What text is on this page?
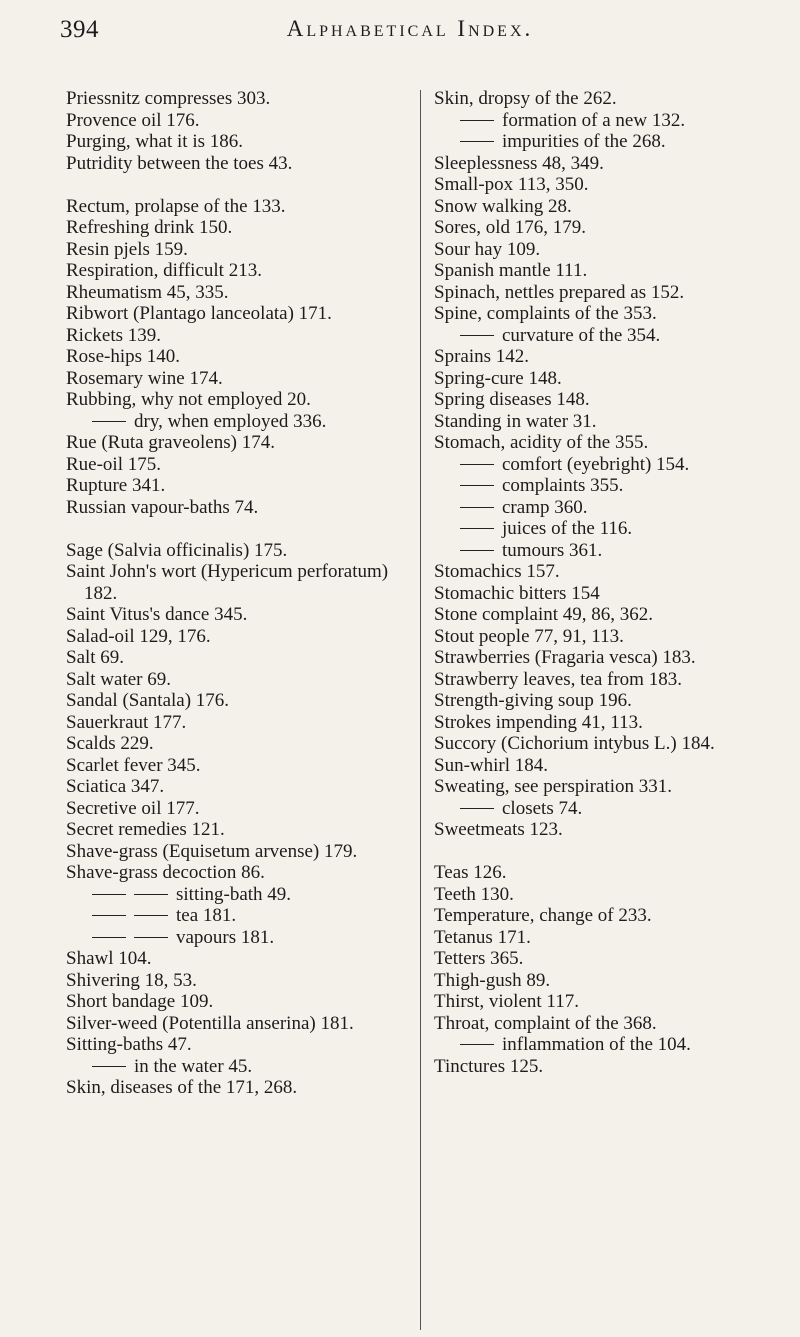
394	Alphabetical Index.
Priessnitz compresses 303.
Provence oil 176.
Purging, what it is 186.
Putridity between the toes 43.
Rectum, prolapse of the 133.
Refreshing drink 150.
Resin pjels 159.
Respiration, difficult 213.
Rheumatism 45, 335.
Ribwort (Plantago lanceolata) 171.
Rickets 139.
Rose-hips 140.
Rosemary wine 174.
Rubbing, why not employed 20.
dry, when employed 336.
Rue (Ruta graveolens) 174.
Rue-oil 175.
Rupture 341.
Russian vapour-baths 74.
Sage (Salvia officinalis) 175.
Saint John's wort (Hypericum perforatum) 182.
Saint Vitus's dance 345.
Salad-oil 129, 176.
Salt 69.
Salt water 69.
Sandal (Santala) 176.
Sauerkraut 177.
Scalds 229.
Scarlet fever 345.
Sciatica 347.
Secretive oil 177.
Secret remedies 121.
Shave-grass (Equisetum arvense) 179.
Shave-grass decoction 86.
sitting-bath 49.
tea 181.
vapours 181.
Shawl 104.
Shivering 18, 53.
Short bandage 109.
Silver-weed (Potentilla anserina) 181.
Sitting-baths 47.
in the water 45.
Skin, diseases of the 171, 268.
Skin, dropsy of the 262.
formation of a new 132.
impurities of the 268.
Sleeplessness 48, 349.
Small-pox 113, 350.
Snow walking 28.
Sores, old 176, 179.
Sour hay 109.
Spanish mantle 111.
Spinach, nettles prepared as 152.
Spine, complaints of the 353.
curvature of the 354.
Sprains 142.
Spring-cure 148.
Spring diseases 148.
Standing in water 31.
Stomach, acidity of the 355.
comfort (eyebright) 154.
complaints 355.
cramp 360.
juices of the 116.
tumours 361.
Stomachics 157.
Stomachic bitters 154
Stone complaint 49, 86, 362.
Stout people 77, 91, 113.
Strawberries (Fragaria vesca) 183.
Strawberry leaves, tea from 183.
Strength-giving soup 196.
Strokes impending 41, 113.
Succory (Cichorium intybus L.) 184.
Sun-whirl 184.
Sweating, see perspiration 331.
closets 74.
Sweetmeats 123.
Teas 126.
Teeth 130.
Temperature, change of 233.
Tetanus 171.
Tetters 365.
Thigh-gush 89.
Thirst, violent 117.
Throat, complaint of the 368.
inflammation of the 104.
Tinctures 125.
